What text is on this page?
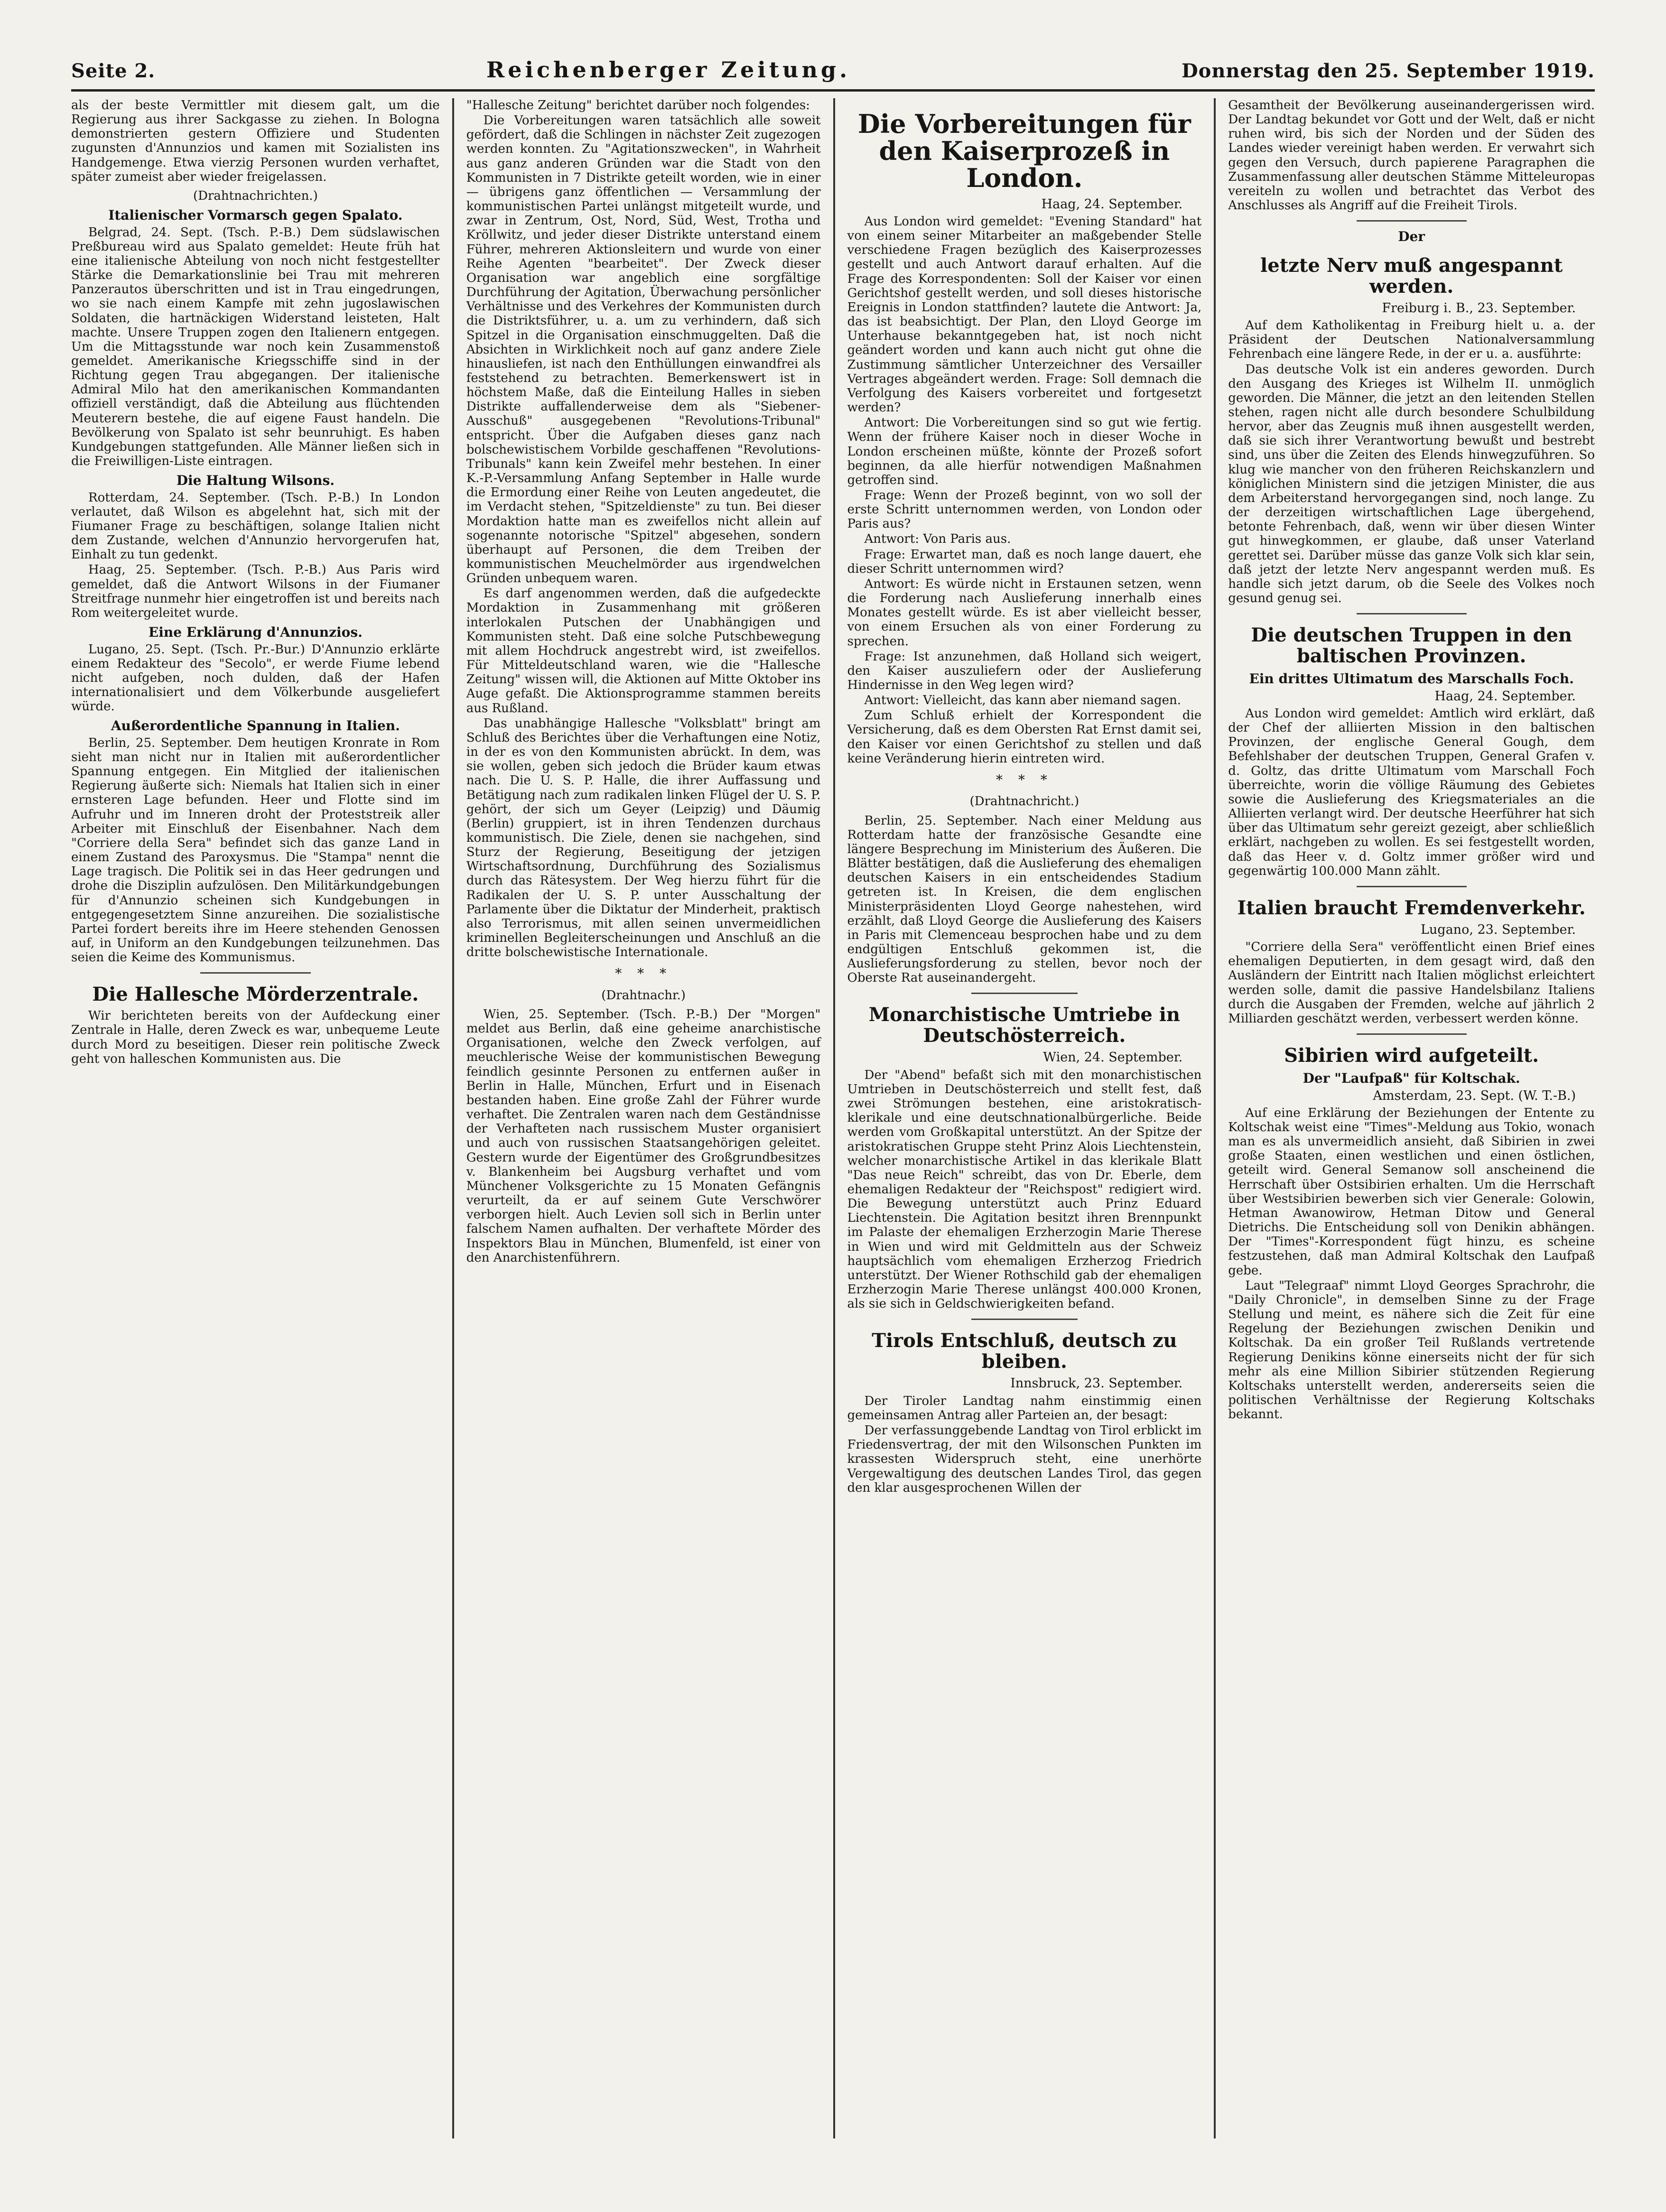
Seite 2.	Reichenberger Zeitung.	Donnerstag den 25. September 1919.

als der beste Vermittler mit diesem galt, um die Regierung aus ihrer Sackgasse zu ziehen. In Bologna demonstrierten gestern Offiziere und Studenten zugunsten d'Annunzios und kamen mit Sozialisten ins Handgemenge. Etwa vierzig Personen wurden verhaftet, später zumeist aber wieder freigelassen.

(Drahtnachrichten.)
Italienischer Vormarsch gegen Spalato.

Belgrad, 24. Sept. (Tsch. P.-B.) Dem südslawischen Preßbureau wird aus Spalato gemeldet: Heute früh hat eine italienische Abteilung von noch nicht festgestellter Stärke die Demarkationslinie bei Trau mit mehreren Panzerautos überschritten und ist in Trau eingedrungen, wo sie nach einem Kampfe mit zehn jugoslawischen Soldaten, die hartnäckigen Widerstand leisteten, Halt machte. Unsere Truppen zogen den Italienern entgegen. Um die Mittagsstunde war noch kein Zusammenstoß gemeldet. Amerikanische Kriegsschiffe sind in der Richtung gegen Trau abgegangen. Der italienische Admiral Milo hat den amerikanischen Kommandanten offiziell verständigt, daß die Abteilung aus flüchtenden Meuterern bestehe, die auf eigene Faust handeln. Die Bevölkerung von Spalato ist sehr beunruhigt. Es haben Kundgebungen stattgefunden. Alle Männer ließen sich in die Freiwilligen-Liste eintragen.

Die Haltung Wilsons.

Rotterdam, 24. September. (Tsch. P.-B.) In London verlautet, daß Wilson es abgelehnt hat, sich mit der Fiumaner Frage zu beschäftigen, solange Italien nicht dem Zustande, welchen d'Annunzio hervorgerufen hat, Einhalt zu tun gedenkt.

Haag, 25. September. (Tsch. P.-B.) Aus Paris wird gemeldet, daß die Antwort Wilsons in der Fiumaner Streitfrage nunmehr hier eingetroffen ist und bereits nach Rom weitergeleitet wurde.

Eine Erklärung d'Annunzios.

Lugano, 25. Sept. (Tsch. Pr.-Bur.) D'Annunzio erklärte einem Redakteur des "Secolo", er werde Fiume lebend nicht aufgeben, noch dulden, daß der Hafen internationalisiert und dem Völkerbunde ausgeliefert würde.

Außerordentliche Spannung in Italien.

Berlin, 25. September. Dem heutigen Kronrate in Rom sieht man nicht nur in Italien mit außerordentlicher Spannung entgegen. Ein Mitglied der italienischen Regierung äußerte sich: Niemals hat Italien sich in einer ernsteren Lage befunden. Heer und Flotte sind im Aufruhr und im Inneren droht der Proteststreik aller Arbeiter mit Einschluß der Eisenbahner. Nach dem "Corriere della Sera" befindet sich das ganze Land in einem Zustand des Paroxysmus. Die "Stampa" nennt die Lage tragisch. Die Politik sei in das Heer gedrungen und drohe die Disziplin aufzulösen. Den Militärkundgebungen für d'Annunzio scheinen sich Kundgebungen in entgegengesetztem Sinne anzureihen. Die sozialistische Partei fordert bereits ihre im Heere stehenden Genossen auf, in Uniform an den Kundgebungen teilzunehmen. Das seien die Keime des Kommunismus.

Die Hallesche Mörderzentrale.

Wir berichteten bereits von der Aufdeckung einer Zentrale in Halle, deren Zweck es war, unbequeme Leute durch Mord zu beseitigen. Dieser rein politische Zweck geht von halleschen Kommunisten aus. Die

"Hallesche Zeitung" berichtet darüber noch folgendes:

Die Vorbereitungen waren tatsächlich alle soweit gefördert, daß die Schlingen in nächster Zeit zugezogen werden konnten. Zu "Agitationszwecken", in Wahrheit aus ganz anderen Gründen war die Stadt von den Kommunisten in 7 Distrikte geteilt worden, wie in einer — übrigens ganz öffentlichen — Versammlung der kommunistischen Partei unlängst mitgeteilt wurde, und zwar in Zentrum, Ost, Nord, Süd, West, Trotha und Kröllwitz, und jeder dieser Distrikte unterstand einem Führer, mehreren Aktionsleitern und wurde von einer Reihe Agenten "bearbeitet". Der Zweck dieser Organisation war angeblich eine sorgfältige Durchführung der Agitation, Überwachung persönlicher Verhältnisse und des Verkehres der Kommunisten durch die Distriktsführer, u. a. um zu verhindern, daß sich Spitzel in die Organisation einschmuggelten. Daß die Absichten in Wirklichkeit noch auf ganz andere Ziele hinausliefen, ist nach den Enthüllungen einwandfrei als feststehend zu betrachten. Bemerkenswert ist in höchstem Maße, daß die Einteilung Halles in sieben Distrikte auffallenderweise dem als "Siebener-Ausschuß" ausgegebenen "Revolutions-Tribunal" entspricht. Über die Aufgaben dieses ganz nach bolschewistischem Vorbilde geschaffenen "Revolutions-Tribunals" kann kein Zweifel mehr bestehen. In einer K.-P.-Versammlung Anfang September in Halle wurde die Ermordung einer Reihe von Leuten angedeutet, die im Verdacht stehen, "Spitzeldienste" zu tun. Bei dieser Mordaktion hatte man es zweifellos nicht allein auf sogenannte notorische "Spitzel" abgesehen, sondern überhaupt auf Personen, die dem Treiben der kommunistischen Meuchelmörder aus irgendwelchen Gründen unbequem waren.

Es darf angenommen werden, daß die aufgedeckte Mordaktion in Zusammenhang mit größeren interlokalen Putschen der Unabhängigen und Kommunisten steht. Daß eine solche Putschbewegung mit allem Hochdruck angestrebt wird, ist zweifellos. Für Mitteldeutschland waren, wie die "Hallesche Zeitung" wissen will, die Aktionen auf Mitte Oktober ins Auge gefaßt. Die Aktionsprogramme stammen bereits aus Rußland.

Das unabhängige Hallesche "Volksblatt" bringt am Schluß des Berichtes über die Verhaftungen eine Notiz, in der es von den Kommunisten abrückt. In dem, was sie wollen, geben sich jedoch die Brüder kaum etwas nach. Die U. S. P. Halle, die ihrer Auffassung und Betätigung nach zum radikalen linken Flügel der U. S. P. gehört, der sich um Geyer (Leipzig) und Däumig (Berlin) gruppiert, ist in ihren Tendenzen durchaus kommunistisch. Die Ziele, denen sie nachgehen, sind Sturz der Regierung, Beseitigung der jetzigen Wirtschaftsordnung, Durchführung des Sozialismus durch das Rätesystem. Der Weg hierzu führt für die Radikalen der U. S. P. unter Ausschaltung der Parlamente über die Diktatur der Minderheit, praktisch also Terrorismus, mit allen seinen unvermeidlichen kriminellen Begleiterscheinungen und Anschluß an die dritte bolschewistische Internationale.

* * *
(Drahtnachr.)

Wien, 25. September. (Tsch. P.-B.) Der "Morgen" meldet aus Berlin, daß eine geheime anarchistische Organisationen, welche den Zweck verfolgen, auf meuchlerische Weise der kommunistischen Bewegung feindlich gesinnte Personen zu entfernen außer in Berlin in Halle, München, Erfurt und in Eisenach bestanden haben. Eine große Zahl der Führer wurde verhaftet. Die Zentralen waren nach dem Geständnisse der Verhafteten nach russischem Muster organisiert und auch von russischen Staatsangehörigen geleitet. Gestern wurde der Eigentümer des Großgrundbesitzes v. Blankenheim bei Augsburg verhaftet und vom Münchener Volksgerichte zu 15 Monaten Gefängnis verurteilt, da er auf seinem Gute Verschwörer verborgen hielt. Auch Levien soll sich in Berlin unter falschem Namen aufhalten. Der verhaftete Mörder des Inspektors Blau in München, Blumenfeld, ist einer von den Anarchistenführern.

Die Vorbereitungen für den Kaiserprozeß in London.
Haag, 24. September.

Aus London wird gemeldet: "Evening Standard" hat von einem seiner Mitarbeiter an maßgebender Stelle verschiedene Fragen bezüglich des Kaiserprozesses gestellt und auch Antwort darauf erhalten. Auf die Frage des Korrespondenten: Soll der Kaiser vor einen Gerichtshof gestellt werden, und soll dieses historische Ereignis in London stattfinden? lautete die Antwort: Ja, das ist beabsichtigt. Der Plan, den Lloyd George im Unterhause bekanntgegeben hat, ist noch nicht geändert worden und kann auch nicht gut ohne die Zustimmung sämtlicher Unterzeichner des Versailler Vertrages abgeändert werden. Frage: Soll demnach die Verfolgung des Kaisers vorbereitet und fortgesetzt werden?

Antwort: Die Vorbereitungen sind so gut wie fertig. Wenn der frühere Kaiser noch in dieser Woche in London erscheinen müßte, könnte der Prozeß sofort beginnen, da alle hierfür notwendigen Maßnahmen getroffen sind.

Frage: Wenn der Prozeß beginnt, von wo soll der erste Schritt unternommen werden, von London oder Paris aus?

Antwort: Von Paris aus.

Frage: Erwartet man, daß es noch lange dauert, ehe dieser Schritt unternommen wird?

Antwort: Es würde nicht in Erstaunen setzen, wenn die Forderung nach Auslieferung innerhalb eines Monates gestellt würde. Es ist aber vielleicht besser, von einem Ersuchen als von einer Forderung zu sprechen.

Frage: Ist anzunehmen, daß Holland sich weigert, den Kaiser auszuliefern oder der Auslieferung Hindernisse in den Weg legen wird?

Antwort: Vielleicht, das kann aber niemand sagen.

Zum Schluß erhielt der Korrespondent die Versicherung, daß es dem Obersten Rat Ernst damit sei, den Kaiser vor einen Gerichtshof zu stellen und daß keine Veränderung hierin eintreten wird.

* * *
(Drahtnachricht.)

Berlin, 25. September. Nach einer Meldung aus Rotterdam hatte der französische Gesandte eine längere Besprechung im Ministerium des Äußeren. Die Blätter bestätigen, daß die Auslieferung des ehemaligen deutschen Kaisers in ein entscheidendes Stadium getreten ist. In Kreisen, die dem englischen Ministerpräsidenten Lloyd George nahestehen, wird erzählt, daß Lloyd George die Auslieferung des Kaisers in Paris mit Clemenceau besprochen habe und zu dem endgültigen Entschluß gekommen ist, die Auslieferungsforderung zu stellen, bevor noch der Oberste Rat auseinandergeht.

Monarchistische Umtriebe in Deutschösterreich.
Wien, 24. September.

Der "Abend" befaßt sich mit den monarchistischen Umtrieben in Deutschösterreich und stellt fest, daß zwei Strömungen bestehen, eine aristokratisch-klerikale und eine deutschnationalbürgerliche. Beide werden vom Großkapital unterstützt. An der Spitze der aristokratischen Gruppe steht Prinz Alois Liechtenstein, welcher monarchistische Artikel in das klerikale Blatt "Das neue Reich" schreibt, das von Dr. Eberle, dem ehemaligen Redakteur der "Reichspost" redigiert wird. Die Bewegung unterstützt auch Prinz Eduard Liechtenstein. Die Agitation besitzt ihren Brennpunkt im Palaste der ehemaligen Erzherzogin Marie Therese in Wien und wird mit Geldmitteln aus der Schweiz hauptsächlich vom ehemaligen Erzherzog Friedrich unterstützt. Der Wiener Rothschild gab der ehemaligen Erzherzogin Marie Therese unlängst 400.000 Kronen, als sie sich in Geldschwierigkeiten befand.

Tirols Entschluß, deutsch zu bleiben.
Innsbruck, 23. September.

Der Tiroler Landtag nahm einstimmig einen gemeinsamen Antrag aller Parteien an, der besagt:

Der verfassunggebende Landtag von Tirol erblickt im Friedensvertrag, der mit den Wilsonschen Punkten im krassesten Widerspruch steht, eine unerhörte Vergewaltigung des deutschen Landes Tirol, das gegen den klar ausgesprochenen Willen der

Gesamtheit der Bevölkerung auseinandergerissen wird. Der Landtag bekundet vor Gott und der Welt, daß er nicht ruhen wird, bis sich der Norden und der Süden des Landes wieder vereinigt haben werden. Er verwahrt sich gegen den Versuch, durch papierene Paragraphen die Zusammenfassung aller deutschen Stämme Mitteleuropas vereiteln zu wollen und betrachtet das Verbot des Anschlusses als Angriff auf die Freiheit Tirols.

Der
letzte Nerv muß angespannt werden.
Freiburg i. B., 23. September.

Auf dem Katholikentag in Freiburg hielt u. a. der Präsident der Deutschen Nationalversammlung Fehrenbach eine längere Rede, in der er u. a. ausführte:

Das deutsche Volk ist ein anderes geworden. Durch den Ausgang des Krieges ist Wilhelm II. unmöglich geworden. Die Männer, die jetzt an den leitenden Stellen stehen, ragen nicht alle durch besondere Schulbildung hervor, aber das Zeugnis muß ihnen ausgestellt werden, daß sie sich ihrer Verantwortung bewußt und bestrebt sind, uns über die Zeiten des Elends hinwegzuführen. So klug wie mancher von den früheren Reichskanzlern und königlichen Ministern sind die jetzigen Minister, die aus dem Arbeiterstand hervorgegangen sind, noch lange. Zu der derzeitigen wirtschaftlichen Lage übergehend, betonte Fehrenbach, daß, wenn wir über diesen Winter gut hinwegkommen, er glaube, daß unser Vaterland gerettet sei. Darüber müsse das ganze Volk sich klar sein, daß jetzt der letzte Nerv angespannt werden muß. Es handle sich jetzt darum, ob die Seele des Volkes noch gesund genug sei.

Die deutschen Truppen in den baltischen Provinzen.
Ein drittes Ultimatum des Marschalls Foch.
Haag, 24. September.

Aus London wird gemeldet: Amtlich wird erklärt, daß der Chef der alliierten Mission in den baltischen Provinzen, der englische General Gough, dem Befehlshaber der deutschen Truppen, General Grafen v. d. Goltz, das dritte Ultimatum vom Marschall Foch überreichte, worin die völlige Räumung des Gebietes sowie die Auslieferung des Kriegsmateriales an die Alliierten verlangt wird. Der deutsche Heerführer hat sich über das Ultimatum sehr gereizt gezeigt, aber schließlich erklärt, nachgeben zu wollen. Es sei festgestellt worden, daß das Heer v. d. Goltz immer größer wird und gegenwärtig 100.000 Mann zählt.

Italien braucht Fremdenverkehr.
Lugano, 23. September.

"Corriere della Sera" veröffentlicht einen Brief eines ehemaligen Deputierten, in dem gesagt wird, daß den Ausländern der Eintritt nach Italien möglichst erleichtert werden solle, damit die passive Handelsbilanz Italiens durch die Ausgaben der Fremden, welche auf jährlich 2 Milliarden geschätzt werden, verbessert werden könne.

Sibirien wird aufgeteilt.
Der "Laufpaß" für Koltschak.
Amsterdam, 23. Sept. (W. T.-B.)

Auf eine Erklärung der Beziehungen der Entente zu Koltschak weist eine "Times"-Meldung aus Tokio, wonach man es als unvermeidlich ansieht, daß Sibirien in zwei große Staaten, einen westlichen und einen östlichen, geteilt wird. General Semanow soll anscheinend die Herrschaft über Ostsibirien erhalten. Um die Herrschaft über Westsibirien bewerben sich vier Generale: Golowin, Hetman Awanowirow, Hetman Ditow und General Dietrichs. Die Entscheidung soll von Denikin abhängen. Der "Times"-Korrespondent fügt hinzu, es scheine festzustehen, daß man Admiral Koltschak den Laufpaß gebe.

Laut "Telegraaf" nimmt Lloyd Georges Sprachrohr, die "Daily Chronicle", in demselben Sinne zu der Frage Stellung und meint, es nähere sich die Zeit für eine Regelung der Beziehungen zwischen Denikin und Koltschak. Da ein großer Teil Rußlands vertretende Regierung Denikins könne einerseits nicht der für sich mehr als eine Million Sibirier stützenden Regierung Koltschaks unterstellt werden, andererseits seien die politischen Verhältnisse der Regierung Koltschaks bekannt.
